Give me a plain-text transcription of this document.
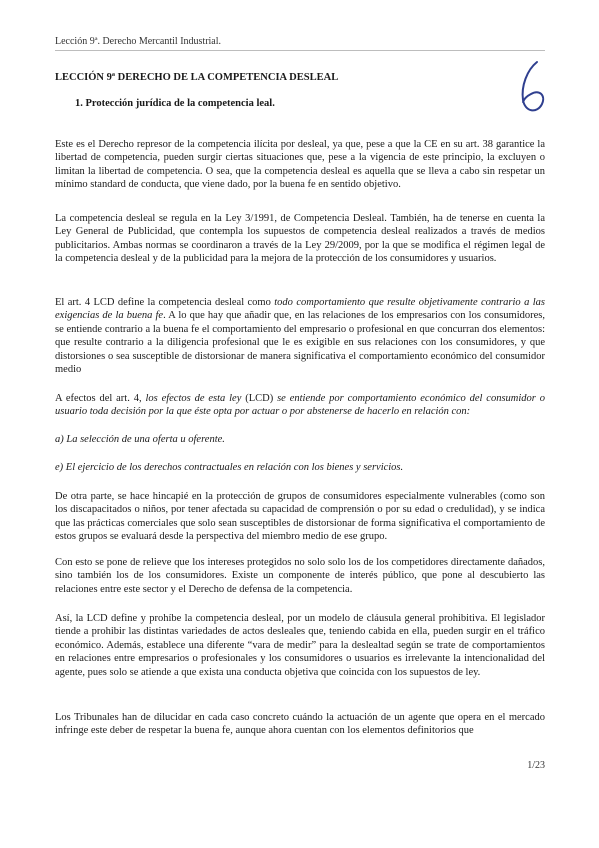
Lección 9ª. Derecho Mercantil Industrial.
LECCIÓN 9ª DERECHO DE LA COMPETENCIA DESLEAL
1. Protección jurídica de la competencia leal.

Este es el Derecho represor de la competencia ilícita por desleal, ya que, pese a que la CE en su art. 38 garantice la libertad de competencia, pueden surgir ciertas situaciones que, pese a la vigencia de este principio, la excluyen o limitan la libertad de competencia. O sea, que la competencia desleal es aquella que se lleva a cabo sin respetar un mínimo standard de conducta, que viene dado, por la buena fe en sentido objetivo.

La competencia desleal se regula en la Ley 3/1991, de Competencia Desleal. También, ha de tenerse en cuenta la Ley General de Publicidad, que contempla los supuestos de competencia desleal realizados a través de medios publicitarios. Ambas normas se coordinaron a través de la Ley 29/2009, por la que se modifica el régimen legal de la competencia desleal y de la publicidad para la mejora de la protección de los consumidores y usuarios.

El art. 4 LCD define la competencia desleal como todo comportamiento que resulte objetivamente contrario a las exigencias de la buena fe. A lo que hay que añadir que, en las relaciones de los empresarios con los consumidores, se entiende contrario a la buena fe el comportamiento del empresario o profesional en que concurran dos elementos: que resulte contrario a la diligencia profesional que le es exigible en sus relaciones con los consumidores, y que distorsiones o sea susceptible de distorsionar de manera significativa el comportamiento económico del consumidor medio

A efectos del art. 4, los efectos de esta ley (LCD) se entiende por comportamiento económico del consumidor o usuario toda decisión por la que éste opta por actuar o por abstenerse de hacerlo en relación con:

a) La selección de una oferta u oferente.

e) El ejercicio de los derechos contractuales en relación con los bienes y servicios.

De otra parte, se hace hincapié en la protección de grupos de consumidores especialmente vulnerables (como son los discapacitados o niños, por tener afectada su capacidad de comprensión o por su edad o credulidad), y se indica que las prácticas comerciales que solo sean susceptibles de distorsionar de forma significativa el comportamiento de estos grupos se evaluará desde la perspectiva del miembro medio de ese grupo.

Con esto se pone de relieve que los intereses protegidos no solo solo los de los competidores directamente dañados, sino también los de los consumidores. Existe un componente de interés público, que pone al descubierto las relaciones entre este sector y el Derecho de defensa de la competencia.

Así, la LCD define y prohíbe la competencia desleal, por un modelo de cláusula general prohibitiva. El legislador tiende a prohibir las distintas variedades de actos desleales que, teniendo cabida en ella, pueden surgir en el tráfico económico. Además, establece una diferente “vara de medir” para la deslealtad según se trate de comportamientos en relaciones entre empresarios o profesionales y los consumidores o usuarios es irrelevante la intencionalidad del agente, pues solo se atiende a que exista una conducta objetiva que coincida con los supuestos de ley.

Los Tribunales han de dilucidar en cada caso concreto cuándo la actuación de un agente que opera en el mercado infringe este deber de respetar la buena fe, aunque ahora cuentan con los elementos definitorios que

1/23
